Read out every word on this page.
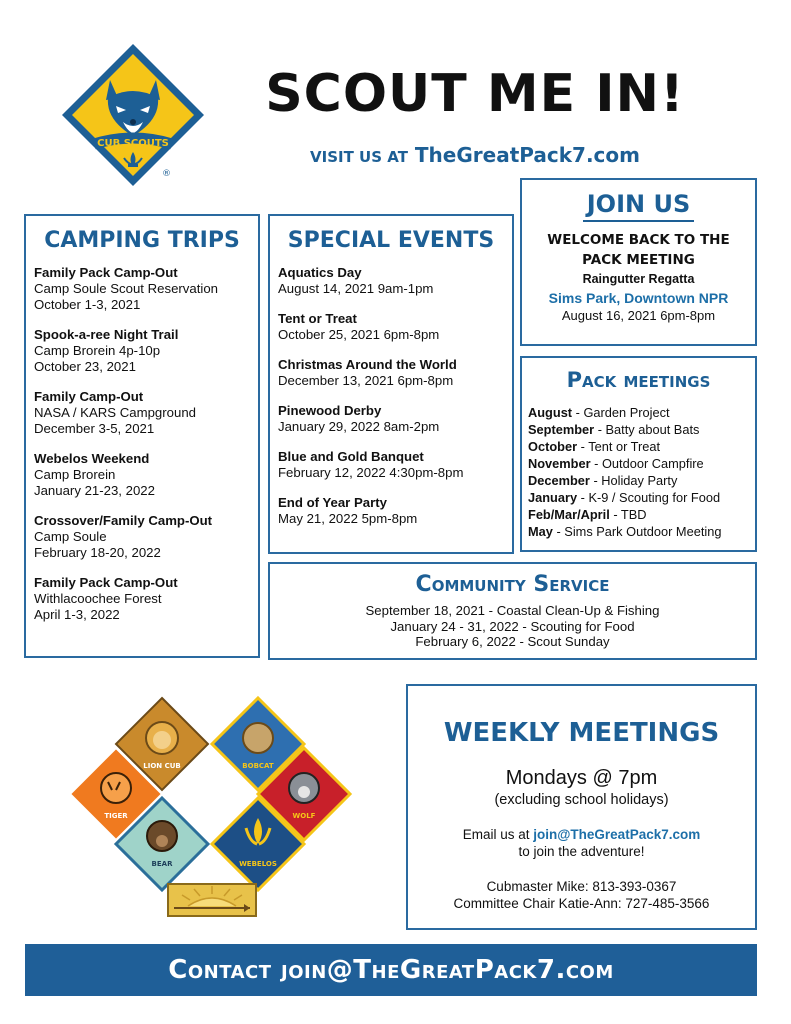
CUB SCOUTS
®
SCOUT ME IN!
VISIT US AT TheGreatPack7.com
CAMPING TRIPS
Family Pack Camp-Out
Camp Soule Scout Reservation
October 1-3, 2021
Spook-a-ree Night Trail
Camp Brorein 4p-10p
October 23, 2021
Family Camp-Out
NASA / KARS Campground
December 3-5, 2021
Webelos Weekend
Camp Brorein
January 21-23, 2022
Crossover/Family Camp-Out
Camp Soule
February 18-20, 2022
Family Pack Camp-Out
Withlacoochee Forest
April 1-3, 2022
SPECIAL EVENTS
Aquatics Day
August 14, 2021 9am-1pm
Tent or Treat
October 25, 2021 6pm-8pm
Christmas Around the World
December 13, 2021 6pm-8pm
Pinewood Derby
January 29, 2022 8am-2pm
Blue and Gold Banquet
February 12, 2022 4:30pm-8pm
End of Year Party
May 21, 2022 5pm-8pm
JOIN US
WELCOME BACK TO THE
PACK MEETING
Raingutter Regatta
Sims Park, Downtown NPR
August 16, 2021 6pm-8pm
Pack meetings
August - Garden Project
September - Batty about Bats
October - Tent or Treat
November - Outdoor Campfire
December - Holiday Party
January - K-9 / Scouting for Food
Feb/Mar/April - TBD
May - Sims Park Outdoor Meeting
Community Service
September 18, 2021 - Coastal Clean-Up & Fishing
January 24 - 31, 2022 - Scouting for Food
February 6, 2022 - Scout Sunday
LION CUB	BOBCAT
TIGER	WOLF
BEAR	WEBELOS
WEEKLY MEETINGS
Mondays @ 7pm
(excluding school holidays)
Email us at join@TheGreatPack7.com
to join the adventure!
Cubmaster Mike: 813-393-0367
Committee Chair Katie-Ann: 727-485-3566
Contact join@TheGreatPack7.com
